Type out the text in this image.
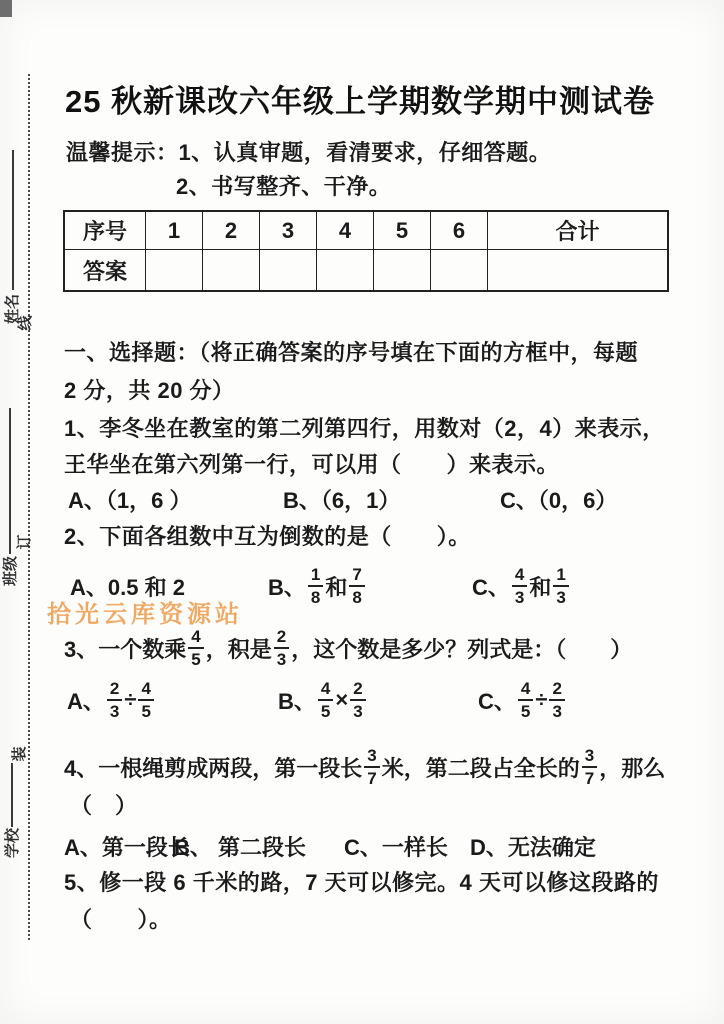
姓名
线
班级
订
装
学校
25 秋新课改六年级上学期数学期中测试卷
温馨提示：1、认真审题，看清要求，仔细答题。
2、书写整齐、干净。
序号	1	2	3	4	5	6	合计
答案							
一、选择题：（将正确答案的序号填在下面的方框中，每题
2 分，共 20 分）
1、李冬坐在教室的第二列第四行，用数对（2，4）来表示，
王华坐在第六列第一行，可以用（　　）来表示。
A、（1，6 ）	B、（6，1）	C、（0，6）
2、下面各组数中互为倒数的是（　　）。
A、0.5 和 2	B、 $\frac{1}{8}$ 和 $\frac{7}{8}$	C、 $\frac{4}{3}$ 和 $\frac{1}{3}$
拾光云库资源站
3、一个数乘 $\frac{4}{5}$ ，积是 $\frac{2}{3}$ ，这个数是多少？列式是：（　　）
A、 $\frac{2}{3} \div \frac{4}{5}$	B、 $\frac{4}{5} \times \frac{2}{3}$	C、 $\frac{4}{5} \div \frac{2}{3}$
4、一根绳剪成两段，第一段长 $\frac{3}{7}$ 米，第二段占全长的 $\frac{3}{7}$ ，那么
（　）
A、第一段长
B、 第二段长 C、一样长 D、无法确定
5、修一段 6 千米的路，7 天可以修完。4 天可以修这段路的
（　　）。
